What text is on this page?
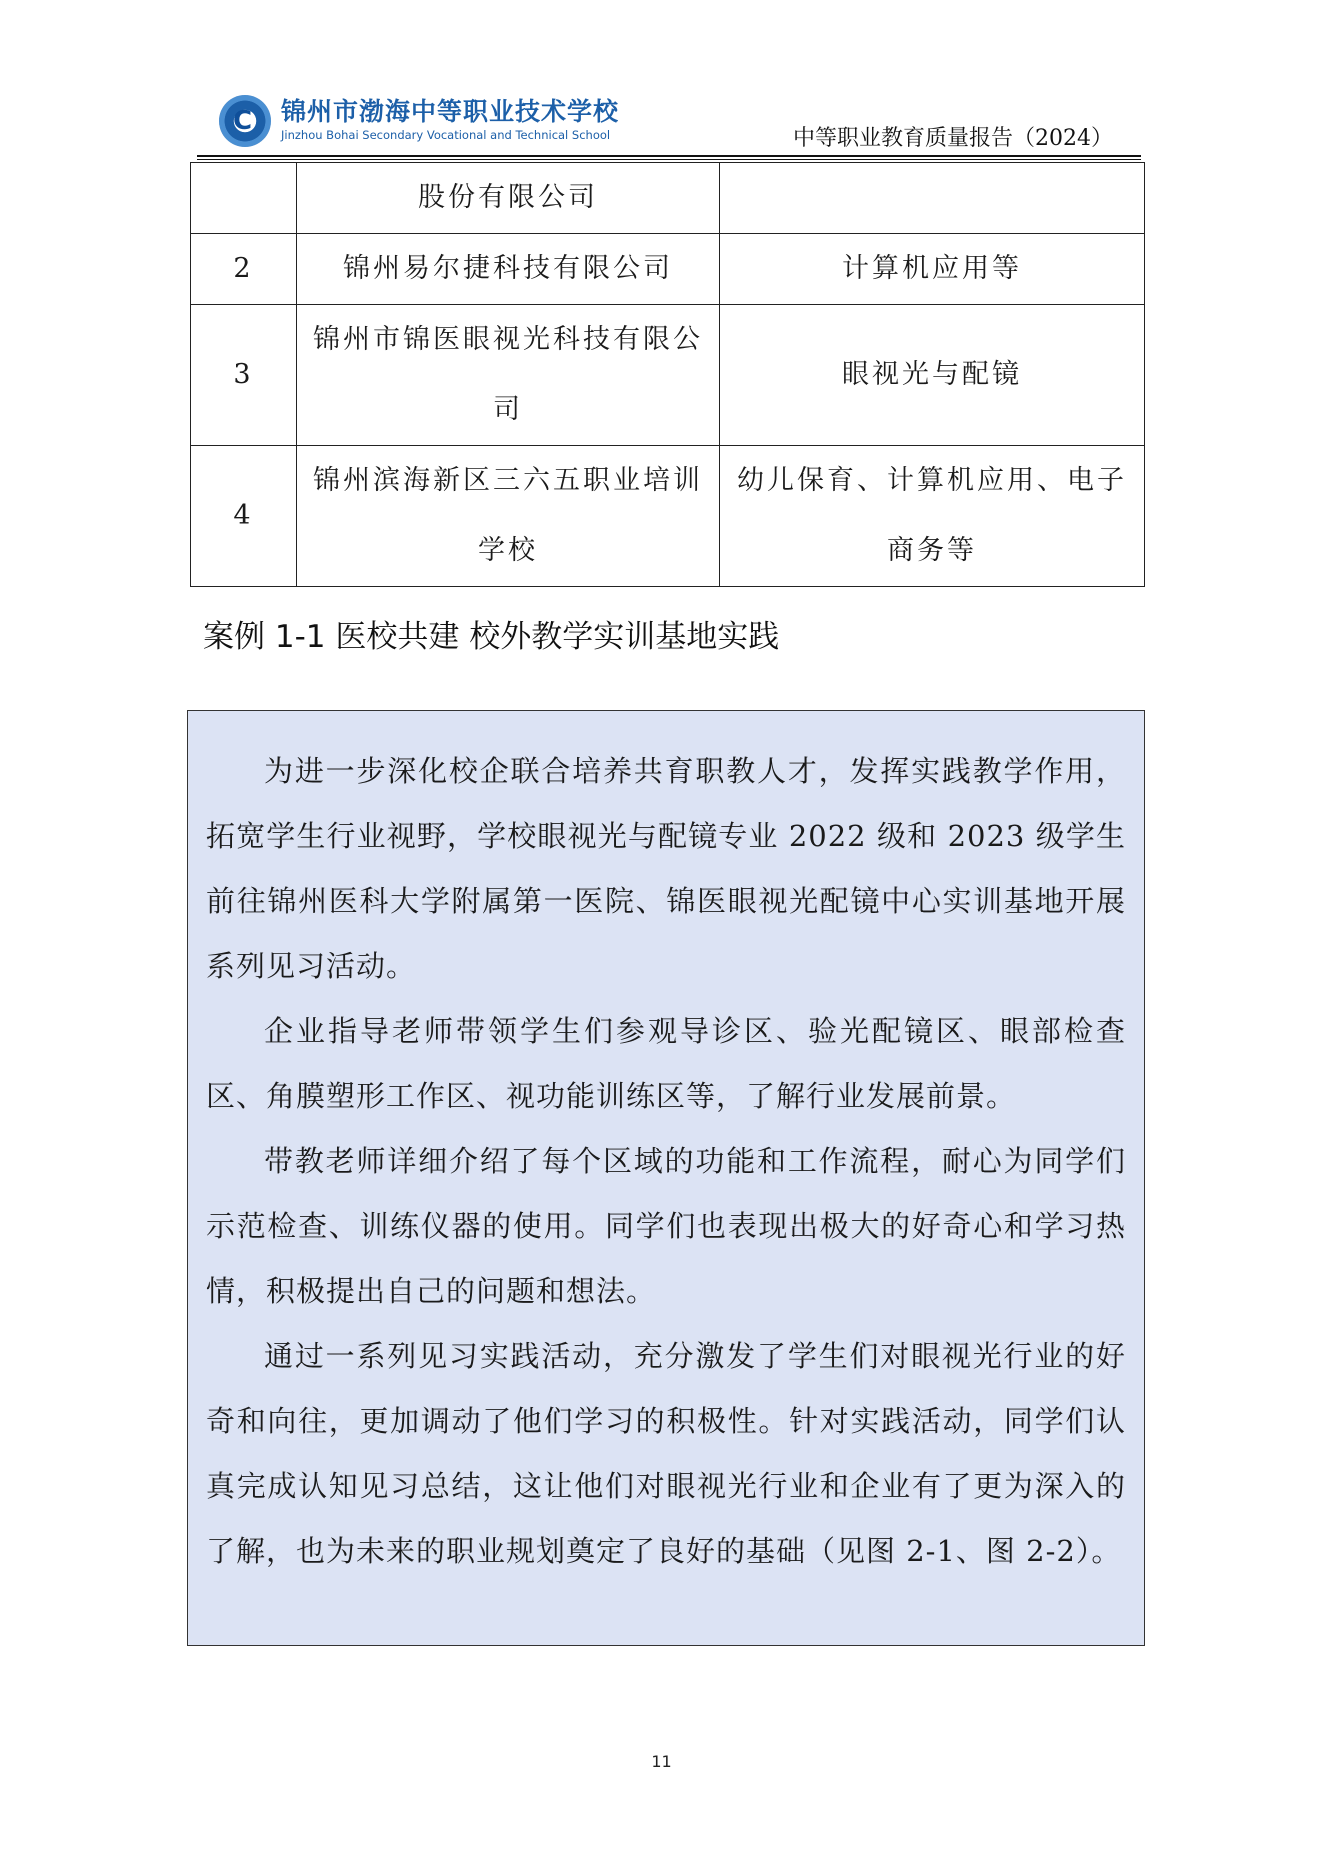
C 锦州市渤海中等职业技术学校
Jinzhou Bohai Secondary Vocational and Technical School	中等职业教育质量报告（2024）
	股份有限公司	
2	锦州易尔捷科技有限公司	计算机应用等
3	锦州市锦医眼视光科技有限公司	眼视光与配镜
4	锦州滨海新区三六五职业培训学校	幼儿保育、计算机应用、电子商务等
案例 1-1 医校共建 校外教学实训基地实践

为进一步深化校企联合培养共育职教人才，发挥实践教学作用，拓宽学生行业视野，学校眼视光与配镜专业 2022 级和 2023 级学生前往锦州医科大学附属第一医院、锦医眼视光配镜中心实训基地开展系列见习活动。

企业指导老师带领学生们参观导诊区、验光配镜区、眼部检查区、角膜塑形工作区、视功能训练区等，了解行业发展前景。

带教老师详细介绍了每个区域的功能和工作流程，耐心为同学们示范检查、训练仪器的使用。同学们也表现出极大的好奇心和学习热情，积极提出自己的问题和想法。

通过一系列见习实践活动，充分激发了学生们对眼视光行业的好奇和向往，更加调动了他们学习的积极性。针对实践活动，同学们认真完成认知见习总结，这让他们对眼视光行业和企业有了更为深入的了解，也为未来的职业规划奠定了良好的基础（见图 2-1、图 2-2）。

11
